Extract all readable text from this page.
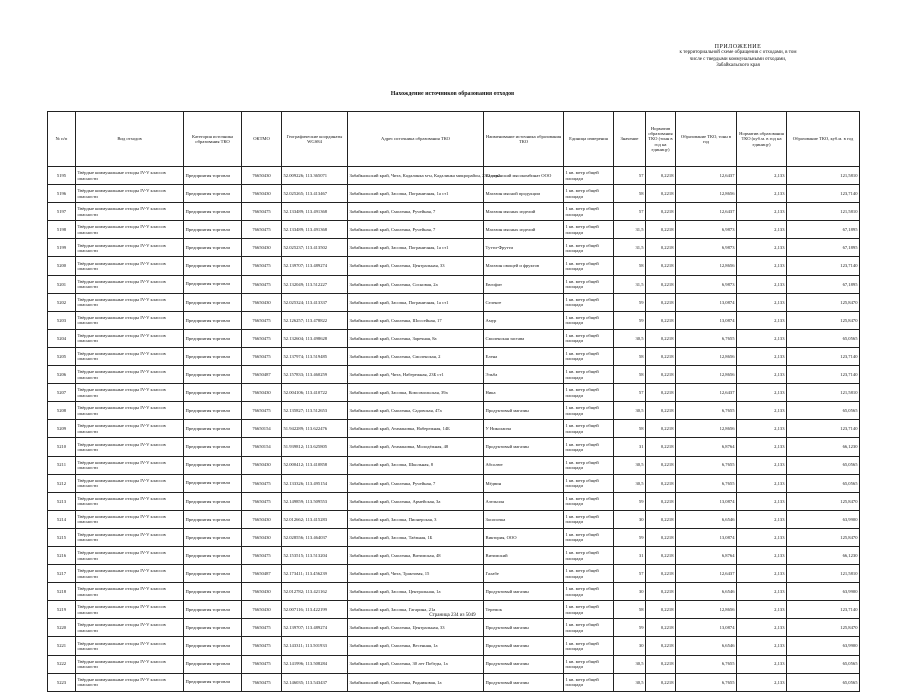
ПРИЛОЖЕНИЕ
к территориальной схеме обращения с отходами, в том
числе с твердыми коммунальными отходами,
Забайкальского края
Нахождение источников образования отходов
№ п/п	Вид отходов	Категория источника образования ТКО	ОКТМО	Географические координаты WGS84	Адрес источника образования ТКО	Наименование источника образования ТКО	Единица измерения	Значение	Норматив образования ТКО (тонн в год на единицу)	Образование ТКО, тонн в год	Норматив образования ТКО (куб.м. в год на единицу)	Образование ТКО, куб.м. в год
5195	Твёрдые коммунальные отходы IV-V классов опасности	Предприятия торговли	76650430	52.009226; 113.365071	Забайкальский край, Чита, Кадалинка м-н, Кадалинка микрорайон, 23/2 стр2	Кадалинский мясокомбинат ООО	1 кв. метр общей площади	57	0,2218	12,6437	2,133	121,5810
5196	Твёрдые коммунальные отходы IV-V классов опасности	Предприятия торговли	76650430	52.025265; 113.413467	Забайкальский край, Засопка, Пограничная, 1а ст1	Магазин мясной продукции	1 кв. метр общей площади	58	0,2218	12,8656	2,133	123,7140
5197	Твёрдые коммунальные отходы IV-V классов опасности	Предприятия торговли	76650475	52.133489; 113.491368	Забайкальский край, Смоленка, Ручейная, 7	Магазин мясных изделий	1 кв. метр общей площади	57	0,2218	12,6437	2,133	121,5810
5198	Твёрдые коммунальные отходы IV-V классов опасности	Предприятия торговли	76650475	52.133489; 113.491368	Забайкальский край, Смоленка, Ручейная, 7	Магазин мясных изделий	1 кв. метр общей площади	31,5	0,2218	6,9873	2,133	67,1895
5199	Твёрдые коммунальные отходы IV-V классов опасности	Предприятия торговли	76650430	52.025237; 113.413502	Забайкальский край, Засопка, Пограничная, 1а ст1	Тутти-Фрутти	1 кв. метр общей площади	31,5	0,2218	6,9873	2,133	67,1895
5200	Твёрдые коммунальные отходы IV-V классов опасности	Предприятия торговли	76650475	52.139707; 113.489274	Забайкальский край, Смоленка, Центральная, 33	Магазин овощей и фруктов	1 кв. метр общей площади	58	0,2218	12,8656	2,133	123,7140
5201	Твёрдые коммунальные отходы IV-V классов опасности	Предприятия торговли	76650475	52.132049; 113.512227	Забайкальский край, Смоленка, Сосновая, 2а	Евгофит	1 кв. метр общей площади	31,5	0,2218	6,9873	2,133	67,1895
5202	Твёрдые коммунальные отходы IV-V классов опасности	Предприятия торговли	76650430	52.025324; 113.413337	Забайкальский край, Засопка, Пограничная, 1а ст1	Селенге	1 кв. метр общей площади	59	0,2218	13,0874	2,133	125,8470
5203	Твёрдые коммунальные отходы IV-V классов опасности	Предприятия торговли	76650475	52.126257; 113.478822	Забайкальский край, Смоленка, Шоссейная, 17	Амур	1 кв. метр общей площади	59	0,2218	13,0874	2,133	125,8470
5204	Твёрдые коммунальные отходы IV-V классов опасности	Предприятия торговли	76650475	52.132604; 113.498628	Забайкальский край, Смоленка, Заречная, 8а	Смоленская застава	1 кв. метр общей площади	30,5	0,2218	6,7655	2,133	65,0565
5205	Твёрдые коммунальные отходы IV-V классов опасности	Предприятия торговли	76650475	52.137974; 113.519485	Забайкальский край, Смоленка, Смоленская, 2	Елена	1 кв. метр общей площади	58	0,2218	12,8656	2,133	123,7140
5206	Твёрдые коммунальные отходы IV-V классов опасности	Предприятия торговли	76650487	52.157833; 113.460259	Забайкальский край, Чита, Набережная, 23Б ст1	Эльба	1 кв. метр общей площади	58	0,2218	12,8656	2,133	123,7140
5207	Твёрдые коммунальные отходы IV-V классов опасности	Предприятия торговли	76650430	52.004106; 113.410722	Забайкальский край, Засопка, Комсомольская, 39а	Ника	1 кв. метр общей площади	57	0,2218	12,6437	2,133	121,5810
5208	Твёрдые коммунальные отходы IV-V классов опасности	Предприятия торговли	76650475	52.135827; 113.512653	Забайкальский край, Смоленка, Садовская, 47а	Продуктовый магазин	1 кв. метр общей площади	30,5	0,2218	6,7655	2,133	65,0565
5209	Твёрдые коммунальные отходы IV-V классов опасности	Предприятия торговли	76650154	51.942289; 113.622476	Забайкальский край, Атамановка, Набережная, 14Б	У Николаича	1 кв. метр общей площади	58	0,2218	12,8656	2,133	123,7140
5210	Твёрдые коммунальные отходы IV-V классов опасности	Предприятия торговли	76650154	51.939812; 113.625805	Забайкальский край, Атамановка, Молодёжная, 48	Продуктовый магазин	1 кв. метр общей площади	31	0,2218	6,8764	2,133	66,1230
5211	Твёрдые коммунальные отходы IV-V классов опасности	Предприятия торговли	76650430	52.000412; 113.410858	Забайкальский край, Засопка, Школьная, 8	Абсолют	1 кв. метр общей площади	30,5	0,2218	6,7655	2,133	65,0565
5212	Твёрдые коммунальные отходы IV-V классов опасности	Предприятия торговли	76650475	52.133326; 113.495154	Забайкальский край, Смоленка, Ручейная, 7	Мёдвин	1 кв. метр общей площади	30,5	0,2218	6,7655	2,133	65,0565
5213	Твёрдые коммунальные отходы IV-V классов опасности	Предприятия торговли	76650475	52.149859; 113.509553	Забайкальский край, Смоленка, Армейская, 3а	Азельсин	1 кв. метр общей площади	59	0,2218	13,0874	2,133	125,8470
5214	Твёрдые коммунальные отходы IV-V классов опасности	Предприятия торговли	76650430	52.012662; 113.415283	Забайкальский край, Засопка, Пионерская, 3	Засопочка	1 кв. метр общей площади	30	0,2218	6,6546	2,133	63,9900
5215	Твёрдые коммунальные отходы IV-V классов опасности	Предприятия торговли	76650430	52.028556; 113.464037	Забайкальский край, Засопка, Таёжная, 1Б	Виктория, ООО	1 кв. метр общей площади	59	0,2218	13,0874	2,133	125,8470
5216	Твёрдые коммунальные отходы IV-V классов опасности	Предприятия торговли	76650475	52.153515; 113.513204	Забайкальский край, Смоленка, Витимская, 48	Витимский	1 кв. метр общей площади	31	0,2218	6,8764	2,133	66,1230
5217	Твёрдые коммунальные отходы IV-V классов опасности	Предприятия торговли	76650487	52.173411; 113.456239	Забайкальский край, Чита, Трактовая, 15	Галабе	1 кв. метр общей площади	57	0,2218	12,6437	2,133	121,5810
5218	Твёрдые коммунальные отходы IV-V классов опасности	Предприятия торговли	76650430	52.012782; 113.421162	Забайкальский край, Засопка, Центральная, 1а	Продуктовый магазин	1 кв. метр общей площади	30	0,2218	6,6546	2,133	63,9900
5219	Твёрдые коммунальные отходы IV-V классов опасности	Предприятия торговли	76650430	52.007116; 113.422199	Забайкальский край, Засопка, Гагарина, 21а	Теремок	1 кв. метр общей площади	58	0,2218	12,8656	2,133	123,7140
5220	Твёрдые коммунальные отходы IV-V классов опасности	Предприятия торговли	76650475	52.139707; 113.489274	Забайкальский край, Смоленка, Центральная, 33	Продуктовый магазин	1 кв. метр общей площади	59	0,2218	13,0874	2,133	125,8470
5221	Твёрдые коммунальные отходы IV-V классов опасности	Предприятия торговли	76650475	52.143311; 113.501933	Забайкальский край, Смоленка, Весенняя, 1а	Продуктовый магазин	1 кв. метр общей площади	30	0,2218	6,6546	2,133	63,9900
5222	Твёрдые коммунальные отходы IV-V классов опасности	Предприятия торговли	76650475	52.141996; 113.508284	Забайкальский край, Смоленка, 30 лет Победы, 1а	Продуктовый магазин	1 кв. метр общей площади	30,5	0,2218	6,7655	2,133	65,0565
5223	Твёрдые коммунальные отходы IV-V классов опасности	Предприятия торговли	76650475	52.146035; 113.543437	Забайкальский край, Смоленка, Родниковая, 1а	Продуктовый магазин	1 кв. метр общей площади	30,5	0,2218	6,7655	2,133	65,0565
Страница 234 из 5049
